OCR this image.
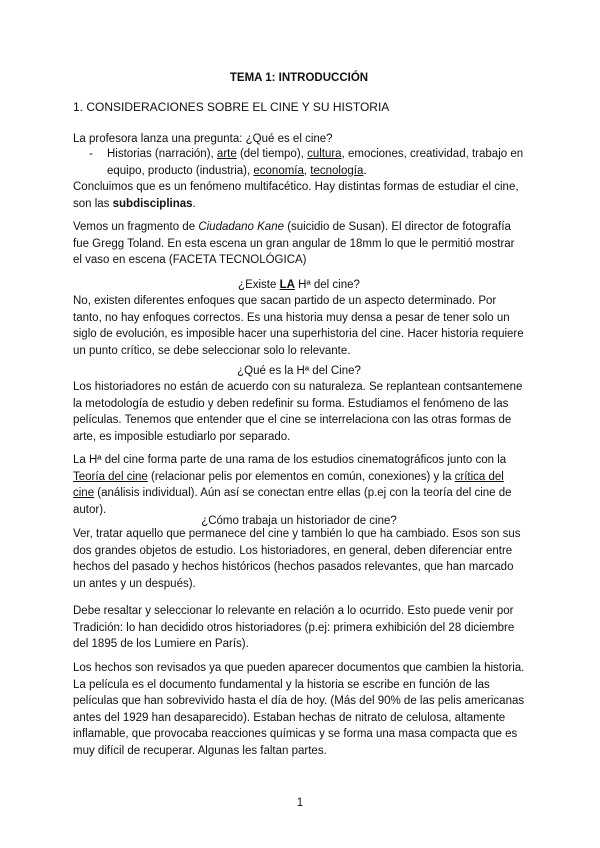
TEMA 1: INTRODUCCIÓN

1. CONSIDERACIONES SOBRE EL CINE Y SU HISTORIA

La profesora lanza una pregunta: ¿Qué es el cine?

- Historias (narración), arte (del tiempo), cultura, emociones, creatividad, trabajo en equipo, producto (industria), economía, tecnología.

Concluimos que es un fenómeno multifacético. Hay distintas formas de estudiar el cine, son las subdisciplinas.

Vemos un fragmento de Ciudadano Kane (suicidio de Susan). El director de fotografía fue Gregg Toland. En esta escena un gran angular de 18mm lo que le permitió mostrar el vaso en escena (FACETA TECNOLÓGICA)

¿Existe LA Hª del cine?

No, existen diferentes enfoques que sacan partido de un aspecto determinado. Por tanto, no hay enfoques correctos. Es una historia muy densa a pesar de tener solo un siglo de evolución, es imposible hacer una superhistoria del cine. Hacer historia requiere un punto crítico, se debe seleccionar solo lo relevante.

¿Qué es la Hª del Cine?

Los historiadores no están de acuerdo con su naturaleza. Se replantean contsantemene la metodología de estudio y deben redefinir su forma. Estudiamos el fenómeno de las películas. Tenemos que entender que el cine se interrelaciona con las otras formas de arte, es imposible estudiarlo por separado.

La Hª del cine forma parte de una rama de los estudios cinematográficos junto con la Teoría del cine (relacionar pelis por elementos en común, conexiones) y la crítica del cine (análisis individual). Aún así se conectan entre ellas (p.ej con la teoría del cine de autor).

¿Cómo trabaja un historiador de cine?

Ver, tratar aquello que permanece del cine y también lo que ha cambiado. Esos son sus dos grandes objetos de estudio. Los historiadores, en general, deben diferenciar entre hechos del pasado y hechos históricos (hechos pasados relevantes, que han marcado un antes y un después).

Debe resaltar y seleccionar lo relevante en relación a lo ocurrido. Esto puede venir por Tradición: lo han decidido otros historiadores (p.ej: primera exhibición del 28 diciembre del 1895 de los Lumiere en París).

Los hechos son revisados ya que pueden aparecer documentos que cambien la historia. La película es el documento fundamental y la historia se escribe en función de las películas que han sobrevivido hasta el día de hoy. (Más del 90% de las pelis americanas antes del 1929 han desaparecido). Estaban hechas de nitrato de celulosa, altamente inflamable, que provocaba reacciones químicas y se forma una masa compacta que es muy difícil de recuperar. Algunas les faltan partes.

1
